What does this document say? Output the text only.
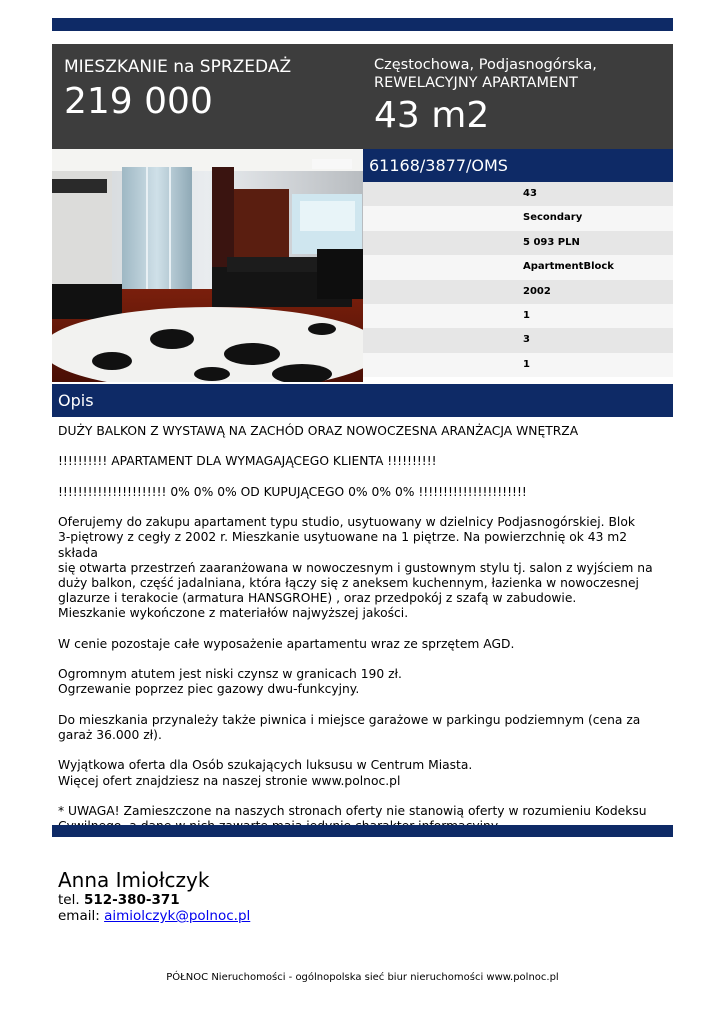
MIESZKANIE na SPRZEDAŻ
219 000
Częstochowa, Podjasnogórska,
REWELACYJNY APARTAMENT
43 m2
61168/3877/OMS
43
Secondary
5 093 PLN
ApartmentBlock
2002
1
3
1
Opis

DUŻY BALKON Z WYSTAWĄ NA ZACHÓD ORAZ NOWOCZESNA ARANŻACJA WNĘTRZA

!!!!!!!!!! APARTAMENT DLA WYMAGAJĄCEGO KLIENTA !!!!!!!!!!

!!!!!!!!!!!!!!!!!!!!!! 0% 0% 0% OD KUPUJĄCEGO 0% 0% 0% !!!!!!!!!!!!!!!!!!!!!!

Oferujemy do zakupu apartament typu studio, usytuowany w dzielnicy Podjasnogórskiej. Blok
3-piętrowy z cegły z 2002 r. Mieszkanie usytuowane na 1 piętrze. Na powierzchnię ok 43 m2 składa
się otwarta przestrzeń zaaranżowana w nowoczesnym i gustownym stylu tj. salon z wyjściem na
duży balkon, część jadalniana, która łączy się z aneksem kuchennym, łazienka w nowoczesnej
glazurze i terakocie (armatura HANSGROHE) , oraz przedpokój z szafą w zabudowie.
Mieszkanie wykończone z materiałów najwyższej jakości.

W cenie pozostaje całe wyposażenie apartamentu wraz ze sprzętem AGD.

Ogromnym atutem jest niski czynsz w granicach 190 zł.
Ogrzewanie poprzez piec gazowy dwu-funkcyjny.

Do mieszkania przynależy także piwnica i miejsce garażowe w parkingu podziemnym (cena za
garaż 36.000 zł).

Wyjątkowa oferta dla Osób szukających luksusu w Centrum Miasta.
Więcej ofert znajdziesz na naszej stronie www.polnoc.pl

* UWAGA! Zamieszczone na naszych stronach oferty nie stanowią oferty w rozumieniu Kodeksu

Anna Imiołczyk
tel. 512-380-371
email: aimiolczyk@polnoc.pl
PÓŁNOC Nieruchomości - ogólnopolska sieć biur nieruchomości www.polnoc.pl
